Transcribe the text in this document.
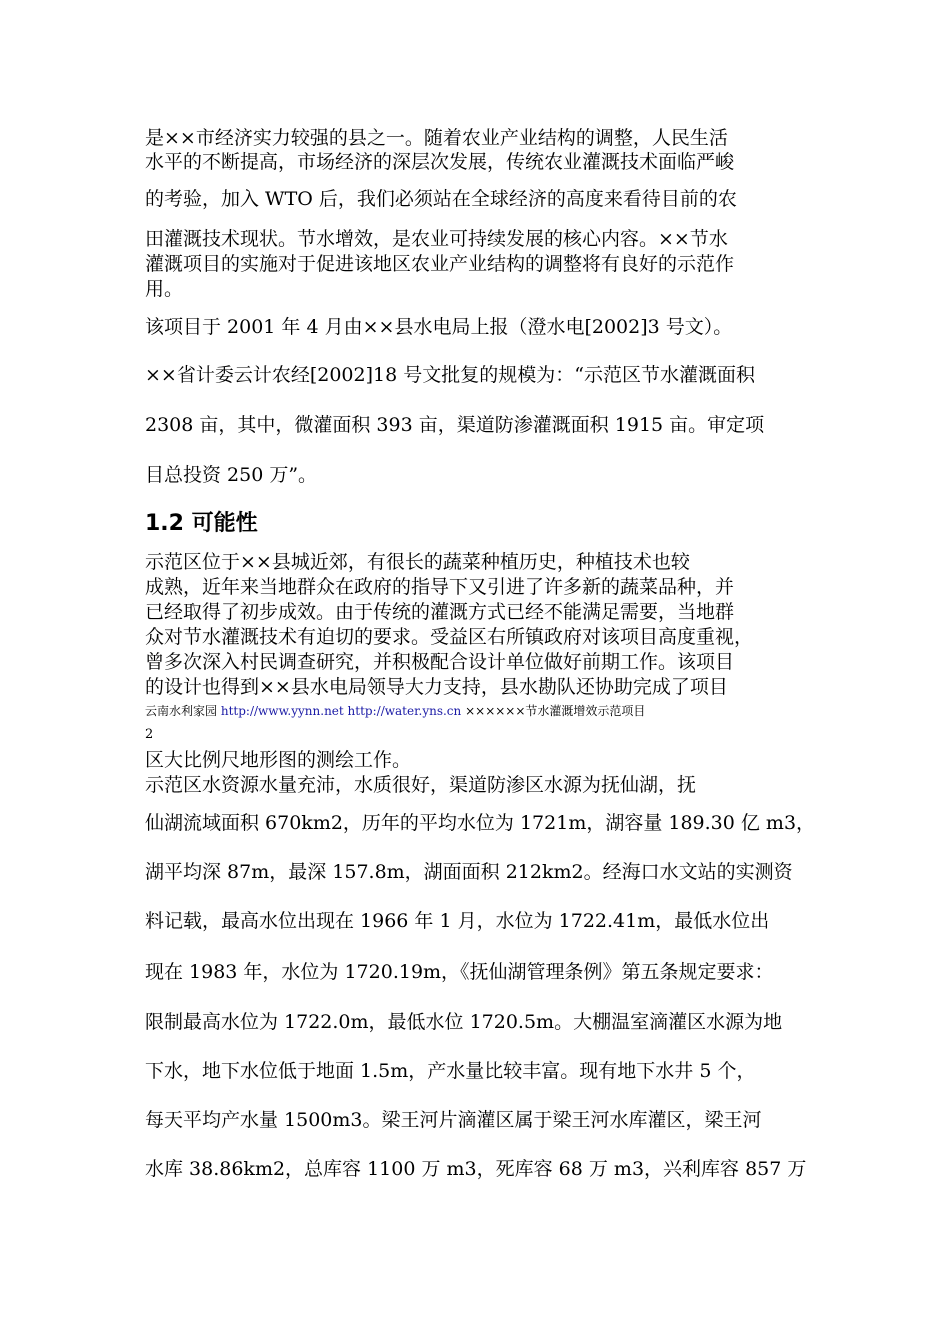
是××市经济实力较强的县之一。随着农业产业结构的调整，人民生活

水平的不断提高，市场经济的深层次发展，传统农业灌溉技术面临严峻

的考验，加入 WTO 后，我们必须站在全球经济的高度来看待目前的农

田灌溉技术现状。节水增效，是农业可持续发展的核心内容。××节水

灌溉项目的实施对于促进该地区农业产业结构的调整将有良好的示范作

用。

该项目于 2001 年 4 月由××县水电局上报（澄水电[2002]3 号文）。

××省计委云计农经[2002]18 号文批复的规模为：“示范区节水灌溉面积

2308 亩，其中，微灌面积 393 亩，渠道防渗灌溉面积 1915 亩。审定项

目总投资 250 万”。

1.2 可能性

示范区位于××县城近郊，有很长的蔬菜种植历史，种植技术也较

成熟，近年来当地群众在政府的指导下又引进了许多新的蔬菜品种，并

已经取得了初步成效。由于传统的灌溉方式已经不能满足需要，当地群

众对节水灌溉技术有迫切的要求。受益区右所镇政府对该项目高度重视，

曾多次深入村民调查研究，并积极配合设计单位做好前期工作。该项目

的设计也得到××县水电局领导大力支持，县水勘队还协助完成了项目

云南水利家园 http://www.yynn.net http://water.yns.cn ××××××节水灌溉增效示范项目
2

区大比例尺地形图的测绘工作。

示范区水资源水量充沛，水质很好，渠道防渗区水源为抚仙湖，抚

仙湖流域面积 670km2，历年的平均水位为 1721m，湖容量 189.30 亿 m3，

湖平均深 87m，最深 157.8m，湖面面积 212km2。经海口水文站的实测资

料记载，最高水位出现在 1966 年 1 月，水位为 1722.41m，最低水位出

现在 1983 年，水位为 1720.19m，《抚仙湖管理条例》第五条规定要求：

限制最高水位为 1722.0m，最低水位 1720.5m。大棚温室滴灌区水源为地

下水，地下水位低于地面 1.5m，产水量比较丰富。现有地下水井 5 个，

每天平均产水量 1500m3。梁王河片滴灌区属于梁王河水库灌区，梁王河

水库 38.86km2，总库容 1100 万 m3，死库容 68 万 m3，兴利库容 857 万
